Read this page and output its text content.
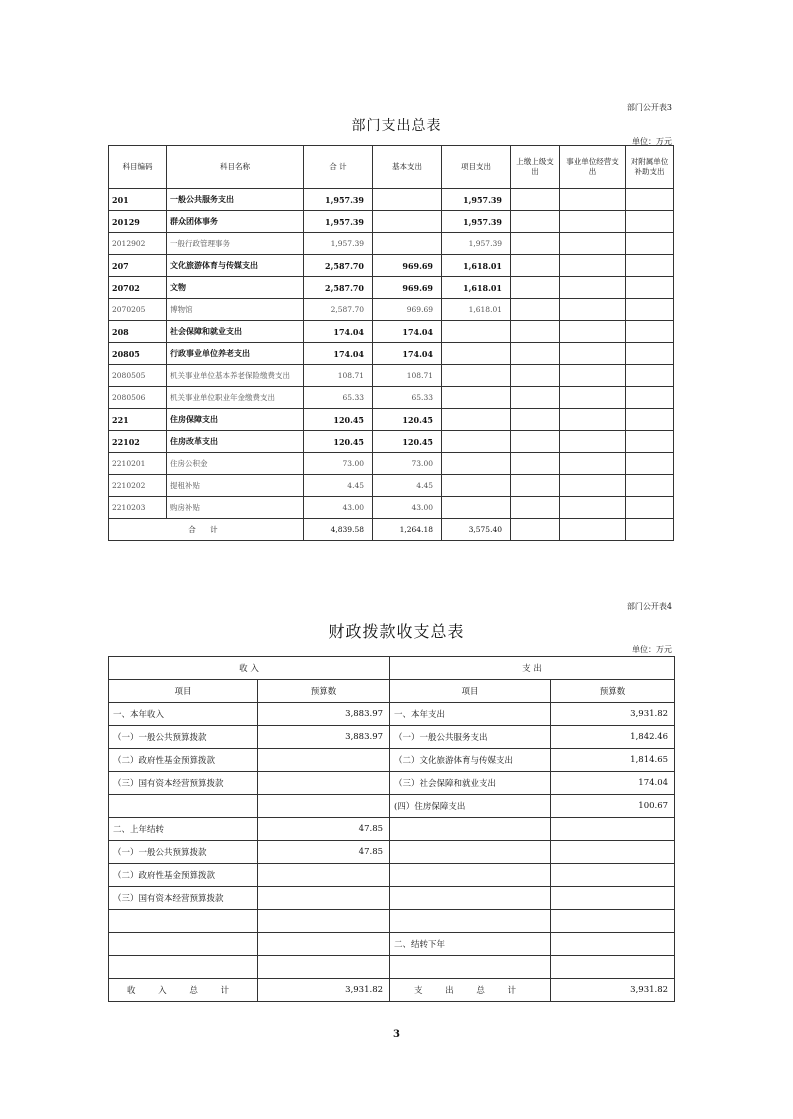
部门公开表3
部门支出总表
单位：万元
科目编码	科目名称	合 计	基本支出	项目支出	上缴上级支出	事业单位经营支出	对附属单位补助支出
201	一般公共服务支出	1,957.39		1,957.39			
20129	群众团体事务	1,957.39		1,957.39			
2012902	一般行政管理事务	1,957.39		1,957.39			
207	文化旅游体育与传媒支出	2,587.70	969.69	1,618.01			
20702	文物	2,587.70	969.69	1,618.01			
2070205	博物馆	2,587.70	969.69	1,618.01			
208	社会保障和就业支出	174.04	174.04				
20805	行政事业单位养老支出	174.04	174.04				
2080505	机关事业单位基本养老保险缴费支出	108.71	108.71				
2080506	机关事业单位职业年金缴费支出	65.33	65.33				
221	住房保障支出	120.45	120.45				
22102	住房改革支出	120.45	120.45				
2210201	住房公积金	73.00	73.00				
2210202	提租补贴	4.45	4.45				
2210203	购房补贴	43.00	43.00				
合 计		4,839.58	1,264.18	3,575.40			
部门公开表4
财政拨款收支总表
单位：万元
收 入		支 出	
项目	预算数	项目	预算数
一、本年收入	3,883.97	一、本年支出	3,931.82
（一）一般公共预算拨款	3,883.97	（一）一般公共服务支出	1,842.46
（二）政府性基金预算拨款		（二）文化旅游体育与传媒支出	1,814.65
（三）国有资本经营预算拨款		（三）社会保障和就业支出	174.04
		(四）住房保障支出	100.67
二、上年结转	47.85		
（一）一般公共预算拨款	47.85		
（二）政府性基金预算拨款			
（三）国有资本经营预算拨款			

		二、结转下年	

收 入 总 计	3,931.82	支 出 总 计	3,931.82
3
